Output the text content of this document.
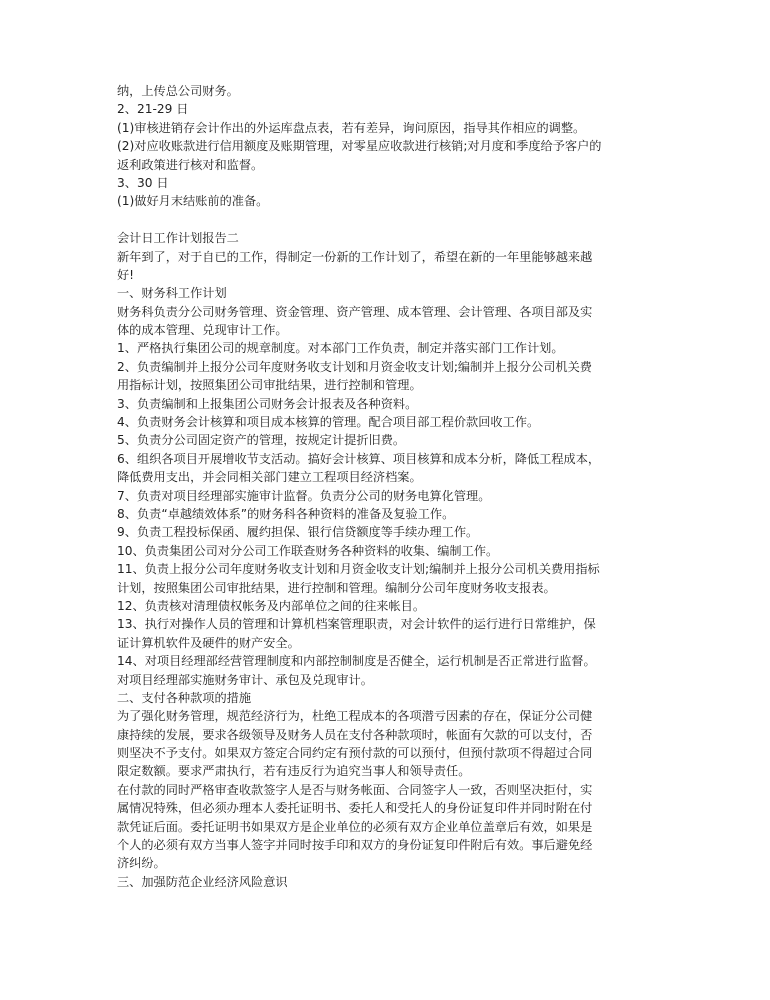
纳，上传总公司财务。
2、21-29 日
(1)审核进销存会计作出的外运库盘点表，若有差异，询问原因，指导其作相应的调整。
(2)对应收账款进行信用额度及账期管理，对零星应收款进行核销;对月度和季度给予客户的
返利政策进行核对和监督。
3、30 日
(1)做好月末结账前的准备。
会计日工作计划报告二
新年到了，对于自已的工作，得制定一份新的工作计划了，希望在新的一年里能够越来越
好!
一、财务科工作计划
财务科负责分公司财务管理、资金管理、资产管理、成本管理、会计管理、各项目部及实
体的成本管理、兑现审计工作。
1、严格执行集团公司的规章制度。对本部门工作负责，制定并落实部门工作计划。
2、负责编制并上报分公司年度财务收支计划和月资金收支计划;编制并上报分公司机关费
用指标计划，按照集团公司审批结果，进行控制和管理。
3、负责编制和上报集团公司财务会计报表及各种资料。
4、负责财务会计核算和项目成本核算的管理。配合项目部工程价款回收工作。
5、负责分公司固定资产的管理，按规定计提折旧费。
6、组织各项目开展增收节支活动。搞好会计核算、项目核算和成本分析，降低工程成本，
降低费用支出，并会同相关部门建立工程项目经济档案。
7、负责对项目经理部实施审计监督。负责分公司的财务电算化管理。
8、负责“卓越绩效体系”的财务科各种资料的准备及复验工作。
9、负责工程投标保函、履约担保、银行信贷额度等手续办理工作。
10、负责集团公司对分公司工作联查财务各种资料的收集、编制工作。
11、负责上报分公司年度财务收支计划和月资金收支计划;编制并上报分公司机关费用指标
计划，按照集团公司审批结果，进行控制和管理。编制分公司年度财务收支报表。
12、负责核对清理债权帐务及内部单位之间的往来帐目。
13、执行对操作人员的管理和计算机档案管理职责，对会计软件的运行进行日常维护，保
证计算机软件及硬件的财产安全。
14、对项目经理部经营管理制度和内部控制制度是否健全，运行机制是否正常进行监督。
对项目经理部实施财务审计、承包及兑现审计。
二、支付各种款项的措施
为了强化财务管理，规范经济行为，杜绝工程成本的各项潜亏因素的存在，保证分公司健
康持续的发展，要求各级领导及财务人员在支付各种款项时，帐面有欠款的可以支付，否
则坚决不予支付。如果双方签定合同约定有预付款的可以预付，但预付款项不得超过合同
限定数额。要求严肃执行，若有违反行为追究当事人和领导责任。
在付款的同时严格审查收款签字人是否与财务帐面、合同签字人一致，否则坚决拒付，实
属情况特殊，但必须办理本人委托证明书、委托人和受托人的身份证复印件并同时附在付
款凭证后面。委托证明书如果双方是企业单位的必须有双方企业单位盖章后有效，如果是
个人的必须有双方当事人签字并同时按手印和双方的身份证复印件附后有效。事后避免经
济纠纷。
三、加强防范企业经济风险意识
